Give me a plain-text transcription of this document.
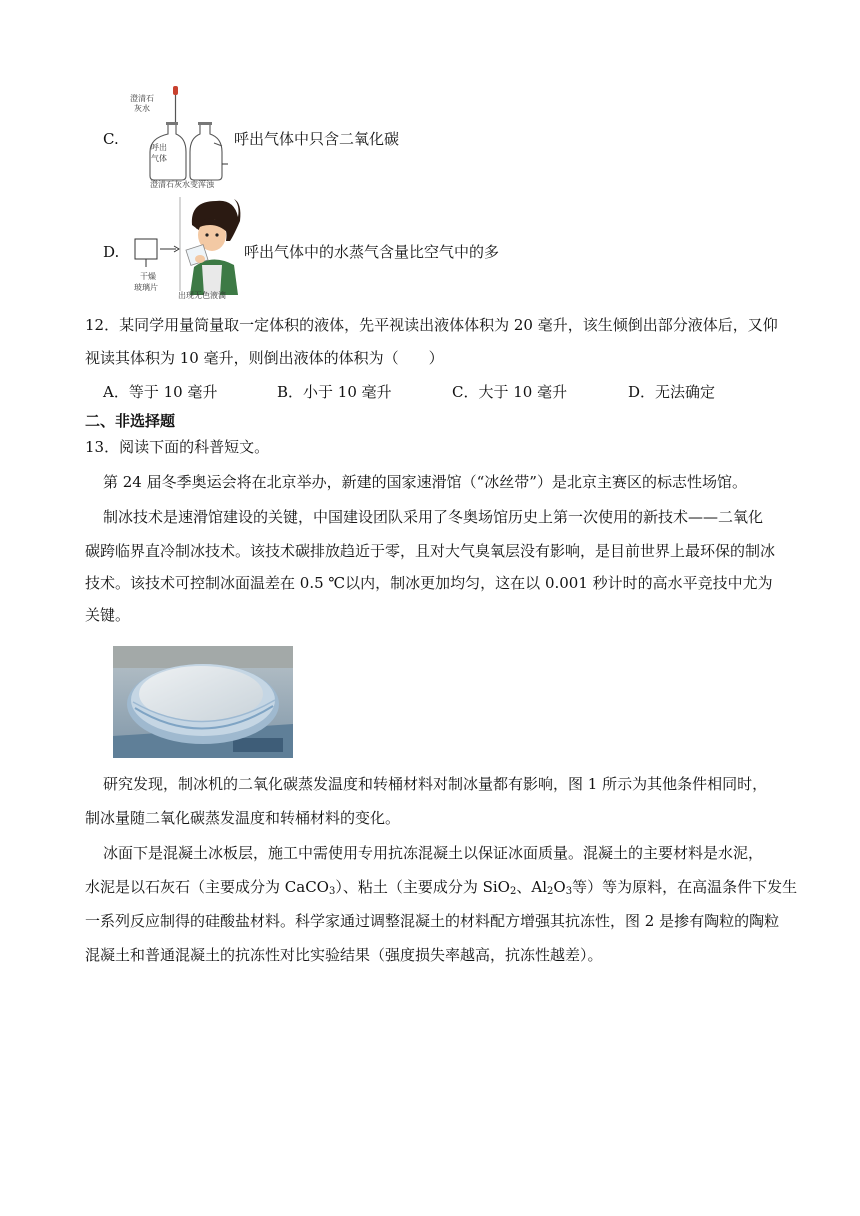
C.
澄清石
灰水
呼出
气体
澄清石灰水变浑浊
呼出气体中只含二氧化碳
D.
干燥
玻璃片
出现无色液滴
呼出气体中的水蒸气含量比空气中的多
12．某同学用量筒量取一定体积的液体，先平视读出液体体积为 20 毫升，该生倾倒出部分液体后，又仰
视读其体积为 10 毫升，则倒出液体的体积为（　　）
A．等于 10 毫升	B．小于 10 毫升	C．大于 10 毫升	D．无法确定
二、非选择题
13．阅读下面的科普短文。
第 24 届冬季奥运会将在北京举办，新建的国家速滑馆（“冰丝带”）是北京主赛区的标志性场馆。
制冰技术是速滑馆建设的关键，中国建设团队采用了冬奥场馆历史上第一次使用的新技术——二氧化
碳跨临界直冷制冰技术。该技术碳排放趋近于零，且对大气臭氧层没有影响，是目前世界上最环保的制冰
技术。该技术可控制冰面温差在 0.5 ℃以内，制冰更加均匀，这在以 0.001 秒计时的高水平竞技中尤为
关键。
研究发现，制冰机的二氧化碳蒸发温度和转桶材料对制冰量都有影响，图 1 所示为其他条件相同时，
制冰量随二氧化碳蒸发温度和转桶材料的变化。
冰面下是混凝土冰板层，施工中需使用专用抗冻混凝土以保证冰面质量。混凝土的主要材料是水泥，
水泥是以石灰石（主要成分为 CaCO$_3$）、粘土（主要成分为 SiO$_2$、$Al_2O_3$等）等为原料，在高温条件下发生
一系列反应制得的硅酸盐材料。科学家通过调整混凝土的材料配方增强其抗冻性，图 2 是掺有陶粒的陶粒
混凝土和普通混凝土的抗冻性对比实验结果（强度损失率越高，抗冻性越差）。
